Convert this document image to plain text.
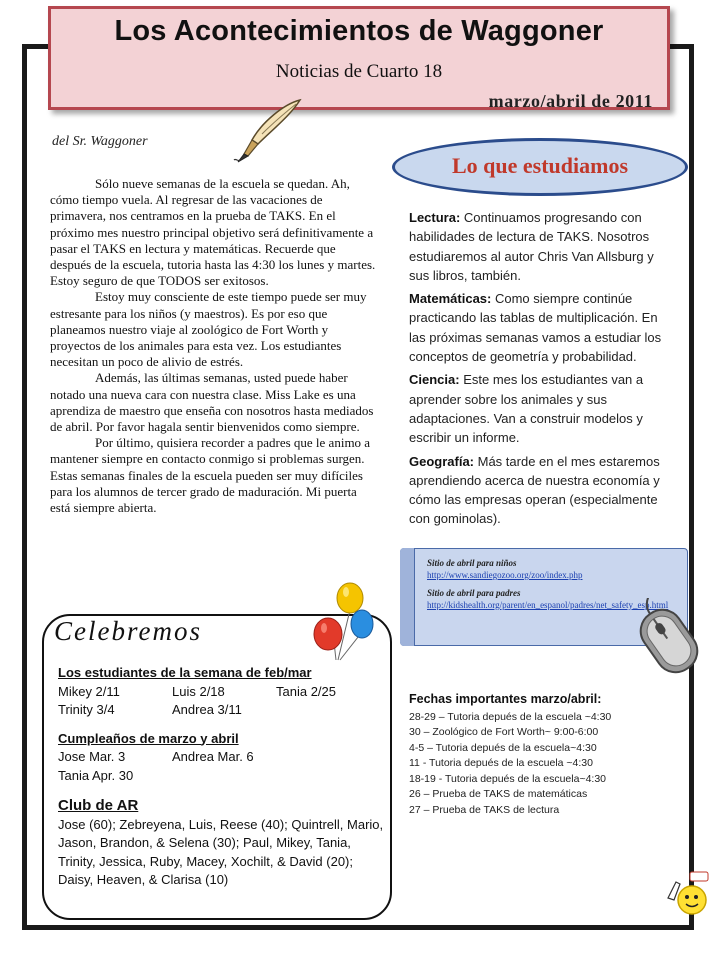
Los Acontecimientos de Waggoner
Noticias de Cuarto 18
marzo/abril de 2011
del Sr. Waggoner

Sólo nueve semanas de la escuela se quedan. Ah, cómo tiempo vuela. Al regresar de las vacaciones de primavera, nos centramos en la prueba de TAKS. En el próximo mes nuestro principal objetivo será definitivamente a pasar el TAKS en lectura y matemáticas. Recuerde que después de la escuela, tutoria hasta las 4:30 los lunes y martes. Estoy seguro de que TODOS ser exitosos.

Estoy muy consciente de este tiempo puede ser muy estresante para los niños (y maestros). Es por eso que planeamos nuestro viaje al zoológico de Fort Worth y proyectos de los animales para esta vez. Los estudiantes necesitan un poco de alivio de estrés.

Además, las últimas semanas, usted puede haber notado una nueva cara con nuestra clase. Miss Lake es una aprendiza de maestro que enseña con nosotros hasta mediados de abril. Por favor hagala sentir bienvenidos como siempre.

Por último, quisiera recorder a padres que le animo a mantener siempre en contacto conmigo si problemas surgen. Estas semanas finales de la escuela pueden ser muy difíciles para los alumnos de tercer grado de maduración. Mi puerta está siempre abierta.

Lo que estudiamos

Lectura: Continuamos progresando con habilidades de lectura de TAKS. Nosotros estudiaremos al autor Chris Van Allsburg y sus libros, también.

Matemáticas: Como siempre continúe practicando las tablas de multiplicación. En las próximas semanas vamos a estudiar los conceptos de geometría y probabilidad.

Ciencia: Este mes los estudiantes van a aprender sobre los animales y sus adaptaciones. Van a construir modelos y escribir un informe.

Geografía: Más tarde en el mes estaremos aprendiendo acerca de nuestra economía y cómo las empresas operan (especialmente con gominolas).

Sitio de abril para niños
http://www.sandiegozoo.org/zoo/index.php
Sitio de abril para padres
http://kidshealth.org/parent/en_espanol/padres/net_safety_esp.html
Fechas importantes marzo/abril:
28-29 – Tutoria depués de la escuela ~4:30
30 – Zoológico de Fort Worth~ 9:00-6:00
4-5 – Tutoria depués de la escuela~4:30
11 - Tutoria depués de la escuela ~4:30
18-19 - Tutoria depués de la escuela~4:30
26 – Prueba de TAKS de matemáticas
27 – Prueba de TAKS de lectura
Celebremos
Los estudiantes de la semana de feb/mar
Mikey 2/11	Luis 2/18	Tania 2/25
Trinity 3/4	Andrea 3/11
Cumpleaños de marzo y abril
Jose Mar. 3	Andrea Mar. 6
Tania Apr. 30
Club de AR
Jose (60); Zebreyena, Luis, Reese (40); Quintrell, Mario, Jason, Brandon, & Selena (30); Paul, Mikey, Tania, Trinity, Jessica, Ruby, Macey, Xochilt, & David (20); Daisy, Heaven, & Clarisa (10)
